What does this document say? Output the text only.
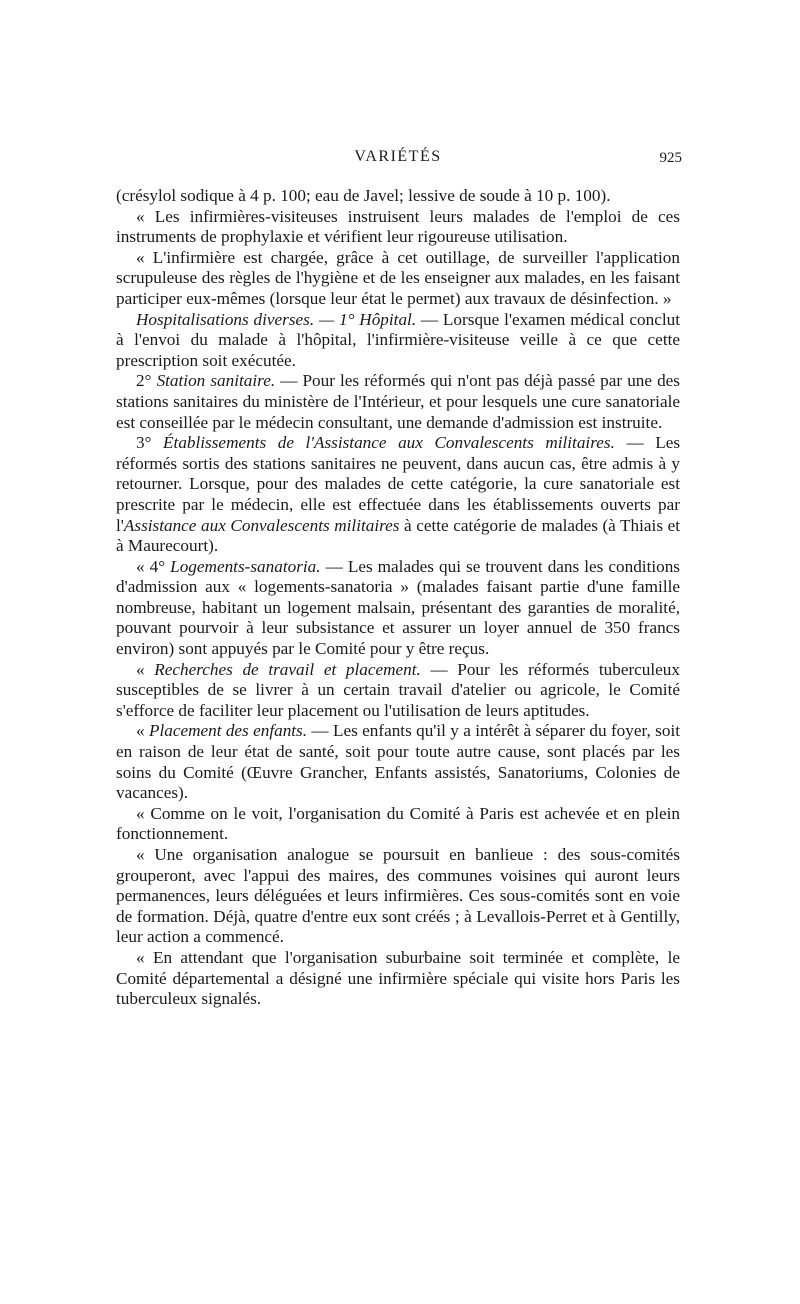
VARIÉTÉS	925

(crésylol sodique à 4 p. 100; eau de Javel; lessive de soude à 10 p. 100).

« Les infirmières-visiteuses instruisent leurs malades de l'emploi de ces instruments de prophylaxie et vérifient leur rigoureuse utilisation.

« L'infirmière est chargée, grâce à cet outillage, de surveiller l'application scrupuleuse des règles de l'hygiène et de les enseigner aux malades, en les faisant participer eux-mêmes (lorsque leur état le permet) aux travaux de désinfection. »

Hospitalisations diverses. — 1° Hôpital. — Lorsque l'examen médical conclut à l'envoi du malade à l'hôpital, l'infirmière-visiteuse veille à ce que cette prescription soit exécutée.

2° Station sanitaire. — Pour les réformés qui n'ont pas déjà passé par une des stations sanitaires du ministère de l'Intérieur, et pour lesquels une cure sanatoriale est conseillée par le médecin consultant, une demande d'admission est instruite.

3° Établissements de l'Assistance aux Convalescents militaires. — Les réformés sortis des stations sanitaires ne peuvent, dans aucun cas, être admis à y retourner. Lorsque, pour des malades de cette catégorie, la cure sanatoriale est prescrite par le médecin, elle est effectuée dans les établissements ouverts par l'Assistance aux Convalescents militaires à cette catégorie de malades (à Thiais et à Maurecourt).

« 4° Logements-sanatoria. — Les malades qui se trouvent dans les conditions d'admission aux « logements-sanatoria » (malades faisant partie d'une famille nombreuse, habitant un logement malsain, présentant des garanties de moralité, pouvant pourvoir à leur subsistance et assurer un loyer annuel de 350 francs environ) sont appuyés par le Comité pour y être reçus.

« Recherches de travail et placement. — Pour les réformés tuberculeux susceptibles de se livrer à un certain travail d'atelier ou agricole, le Comité s'efforce de faciliter leur placement ou l'utilisation de leurs aptitudes.

« Placement des enfants. — Les enfants qu'il y a intérêt à séparer du foyer, soit en raison de leur état de santé, soit pour toute autre cause, sont placés par les soins du Comité (Œuvre Grancher, Enfants assistés, Sanatoriums, Colonies de vacances).

« Comme on le voit, l'organisation du Comité à Paris est achevée et en plein fonctionnement.

« Une organisation analogue se poursuit en banlieue : des sous-comités grouperont, avec l'appui des maires, des communes voisines qui auront leurs permanences, leurs déléguées et leurs infirmières. Ces sous-comités sont en voie de formation. Déjà, quatre d'entre eux sont créés ; à Levallois-Perret et à Gentilly, leur action a commencé.

« En attendant que l'organisation suburbaine soit terminée et complète, le Comité départemental a désigné une infirmière spéciale qui visite hors Paris les tuberculeux signalés.
